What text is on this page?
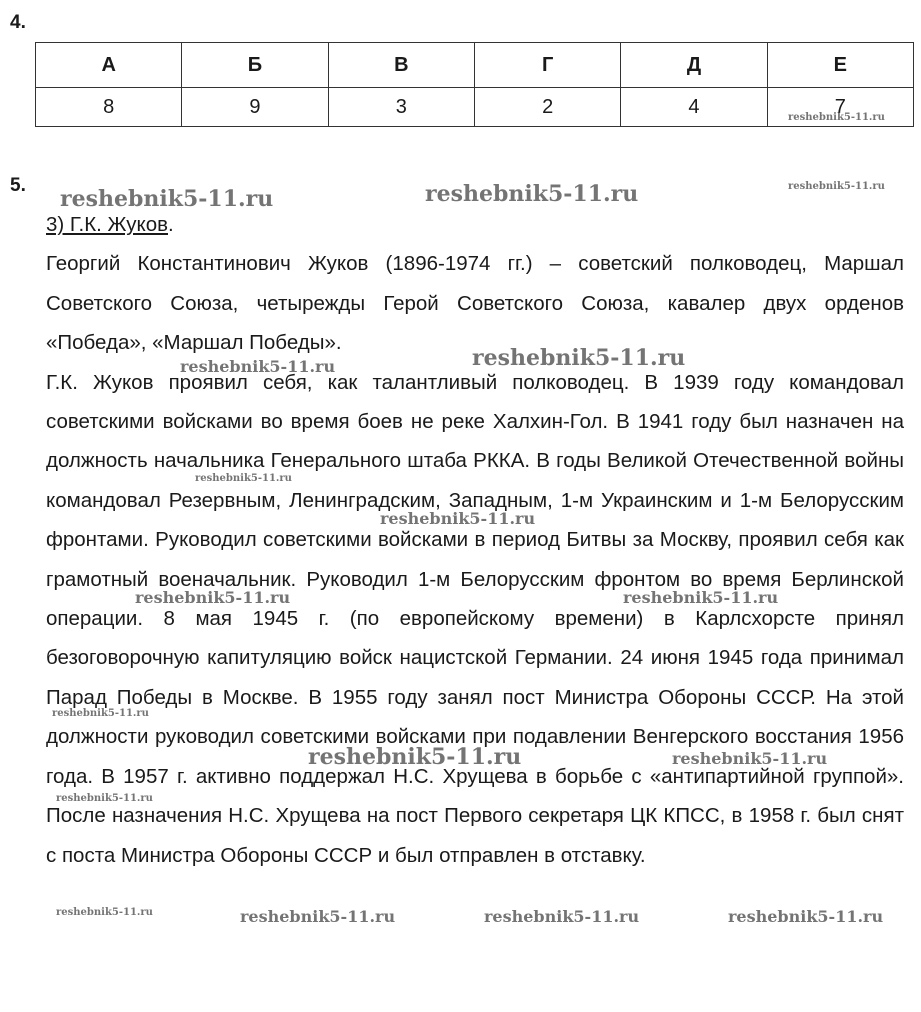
4.
А	Б	В	Г	Д	Е
8	9	3	2	4	7
5.

3) Г.К. Жуков.

Георгий Константинович Жуков (1896-1974 гг.) – советский полководец, Маршал Советского Союза, четырежды Герой Советского Союза, кавалер двух орденов «Победа», «Маршал Победы».

Г.К. Жуков проявил себя, как талантливый полководец. В 1939 году командовал советскими войсками во время боев не реке Халхин-Гол. В 1941 году был назначен на должность начальника Генерального штаба РККА. В годы Великой Отечественной войны командовал Резервным, Ленинградским, Западным, 1-м Украинским и 1-м Белорусским фронтами. Руководил советскими войсками в период Битвы за Москву, проявил себя как грамотный военачальник. Руководил 1-м Белорусским фронтом во время Берлинской операции. 8 мая 1945 г. (по европейскому времени) в Карлсхорсте принял безоговорочную капитуляцию войск нацистской Германии. 24 июня 1945 года принимал Парад Победы в Москве. В 1955 году занял пост Министра Обороны СССР. На этой должности руководил советскими войсками при подавлении Венгерского восстания 1956 года. В 1957 г. активно поддержал Н.С. Хрущева в борьбе с «антипартийной группой». После назначения Н.С. Хрущева на пост Первого секретаря ЦК КПСС, в 1958 г. был снят с поста Министра Обороны СССР и был отправлен в отставку.

reshebnik5-11.ru
reshebnik5-11.ru	reshebnik5-11.ru	reshebnik5-11.ru
reshebnik5-11.ru	reshebnik5-11.ru
reshebnik5-11.ru
reshebnik5-11.ru
reshebnik5-11.ru	reshebnik5-11.ru
reshebnik5-11.ru
reshebnik5-11.ru	reshebnik5-11.ru
reshebnik5-11.ru
reshebnik5-11.ru	reshebnik5-11.ru	reshebnik5-11.ru	reshebnik5-11.ru
